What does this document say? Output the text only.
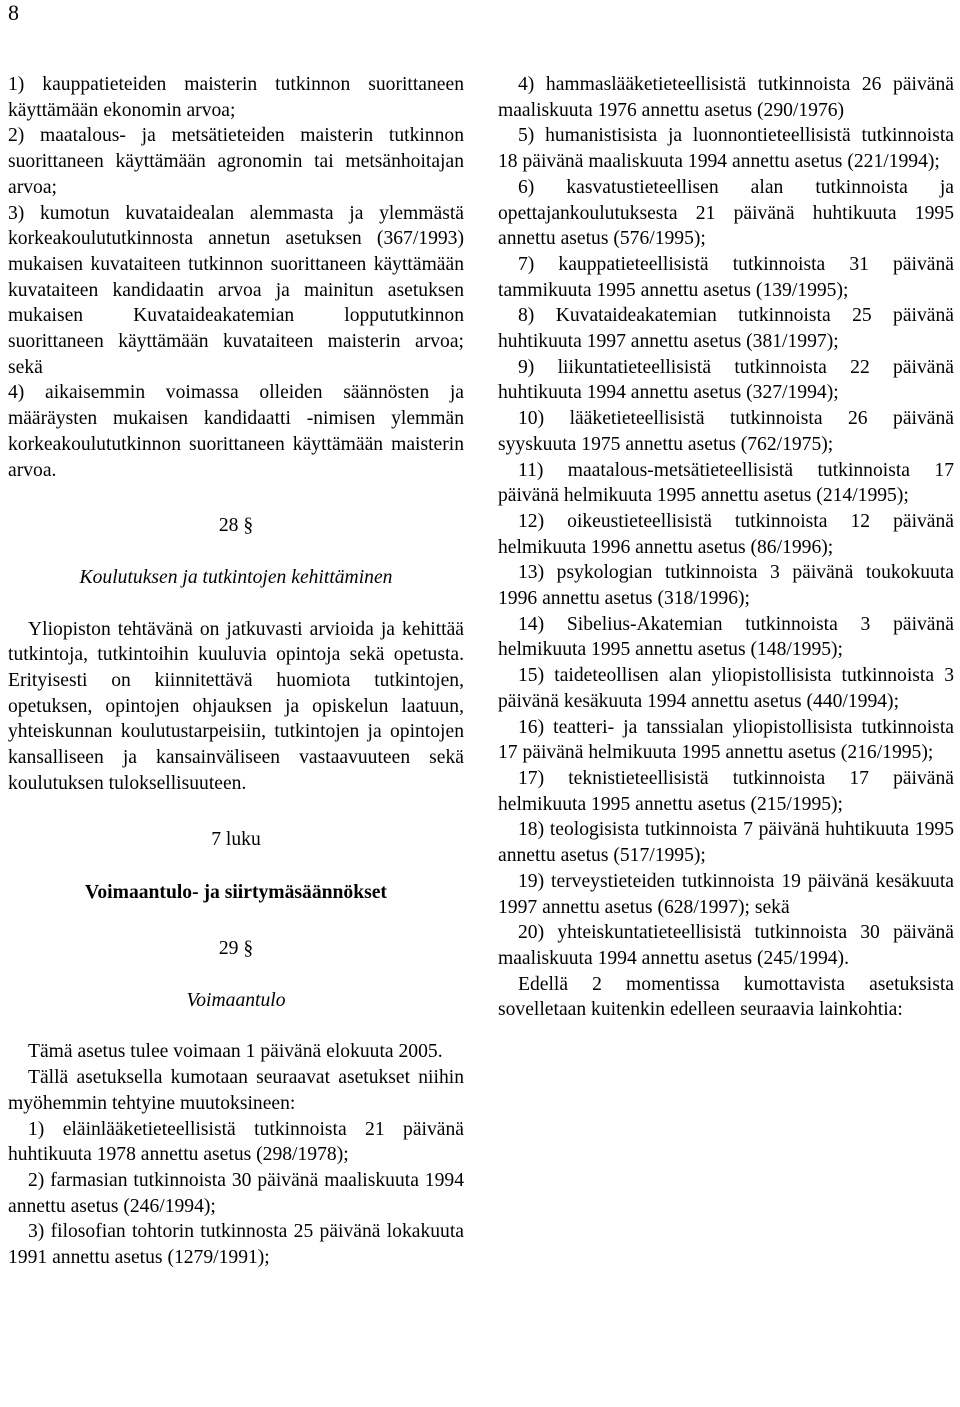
8

1) kauppatieteiden maisterin tutkinnon suorittaneen käyttämään ekonomin arvoa;

2) maatalous- ja metsätieteiden maisterin tutkinnon suorittaneen käyttämään agronomin tai metsänhoitajan arvoa;

3) kumotun kuvataidealan alemmasta ja ylemmästä korkeakoulututkinnosta annetun asetuksen (367/1993) mukaisen kuvataiteen tutkinnon suorittaneen käyttämään kuvataiteen kandidaatin arvoa ja mainitun asetuksen mukaisen Kuvataideakatemian loppututkinnon suorittaneen käyttämään kuvataiteen maisterin arvoa; sekä

4) aikaisemmin voimassa olleiden säännösten ja määräysten mukaisen kandidaatti -nimisen ylemmän korkeakoulututkinnon suorittaneen käyttämään maisterin arvoa.

28 §
Koulutuksen ja tutkintojen kehittäminen

Yliopiston tehtävänä on jatkuvasti arvioida ja kehittää tutkintoja, tutkintoihin kuuluvia opintoja sekä opetusta. Erityisesti on kiinnitettävä huomiota tutkintojen, opetuksen, opintojen ohjauksen ja opiskelun laatuun, yhteiskunnan koulutustarpeisiin, tutkintojen ja opintojen kansalliseen ja kansainväliseen vastaavuuteen sekä koulutuksen tuloksellisuuteen.

7 luku
Voimaantulo- ja siirtymäsäännökset
29 §
Voimaantulo

Tämä asetus tulee voimaan 1 päivänä elokuuta 2005.

Tällä asetuksella kumotaan seuraavat asetukset niihin myöhemmin tehtyine muutoksineen:

1) eläinlääketieteellisistä tutkinnoista 21 päivänä huhtikuuta 1978 annettu asetus (298/1978);

2) farmasian tutkinnoista 30 päivänä maaliskuuta 1994 annettu asetus (246/1994);

3) filosofian tohtorin tutkinnosta 25 päivänä lokakuuta 1991 annettu asetus (1279/1991);

4) hammaslääketieteellisistä tutkinnoista 26 päivänä maaliskuuta 1976 annettu asetus (290/1976)

5) humanistisista ja luonnontieteellisistä tutkinnoista 18 päivänä maaliskuuta 1994 annettu asetus (221/1994);

6) kasvatustieteellisen alan tutkinnoista ja opettajankoulutuksesta 21 päivänä huhtikuuta 1995 annettu asetus (576/1995);

7) kauppatieteellisistä tutkinnoista 31 päivänä tammikuuta 1995 annettu asetus (139/1995);

8) Kuvataideakatemian tutkinnoista 25 päivänä huhtikuuta 1997 annettu asetus (381/1997);

9) liikuntatieteellisistä tutkinnoista 22 päivänä huhtikuuta 1994 annettu asetus (327/1994);

10) lääketieteellisistä tutkinnoista 26 päivänä syyskuuta 1975 annettu asetus (762/1975);

11) maatalous-metsätieteellisistä tutkinnoista 17 päivänä helmikuuta 1995 annettu asetus (214/1995);

12) oikeustieteellisistä tutkinnoista 12 päivänä helmikuuta 1996 annettu asetus (86/1996);

13) psykologian tutkinnoista 3 päivänä toukokuuta 1996 annettu asetus (318/1996);

14) Sibelius-Akatemian tutkinnoista 3 päivänä helmikuuta 1995 annettu asetus (148/1995);

15) taideteollisen alan yliopistollisista tutkinnoista 3 päivänä kesäkuuta 1994 annettu asetus (440/1994);

16) teatteri- ja tanssialan yliopistollisista tutkinnoista 17 päivänä helmikuuta 1995 annettu asetus (216/1995);

17) teknistieteellisistä tutkinnoista 17 päivänä helmikuuta 1995 annettu asetus (215/1995);

18) teologisista tutkinnoista 7 päivänä huhtikuuta 1995 annettu asetus (517/1995);

19) terveystieteiden tutkinnoista 19 päivänä kesäkuuta 1997 annettu asetus (628/1997); sekä

20) yhteiskuntatieteellisistä tutkinnoista 30 päivänä maaliskuuta 1994 annettu asetus (245/1994).

Edellä 2 momentissa kumottavista asetuksista sovelletaan kuitenkin edelleen seuraavia lainkohtia:
